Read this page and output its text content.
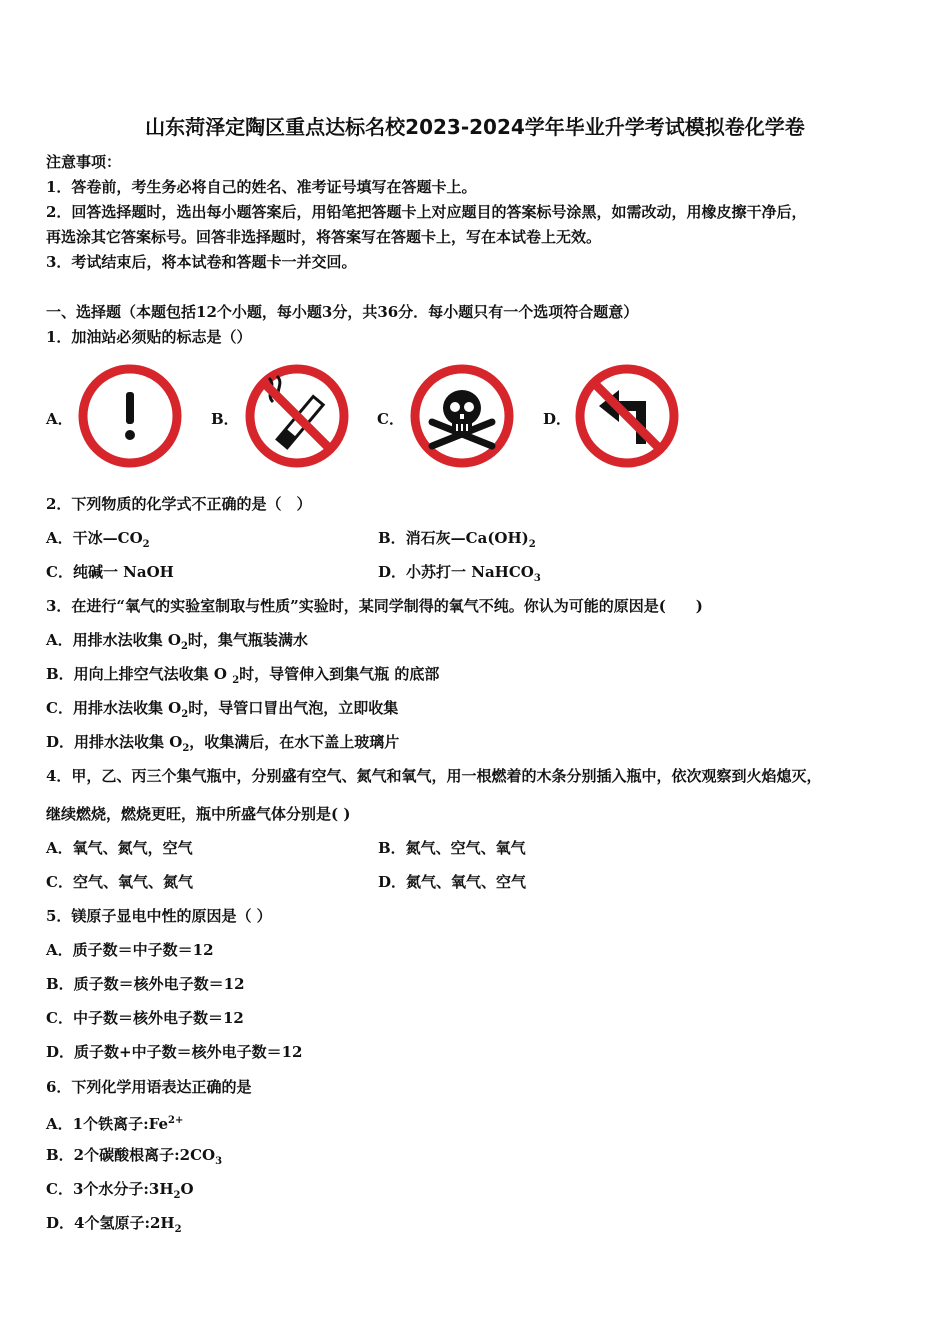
山东菏泽定陶区重点达标名校2023-2024学年毕业升学考试模拟卷化学卷
注意事项：
1．答卷前，考生务必将自己的姓名、准考证号填写在答题卡上。
2．回答选择题时，选出每小题答案后，用铅笔把答题卡上对应题目的答案标号涂黑，如需改动，用橡皮擦干净后，
再选涂其它答案标号。回答非选择题时，将答案写在答题卡上，写在本试卷上无效。
3．考试结束后，将本试卷和答题卡一并交回。
一、选择题（本题包括12个小题，每小题3分，共36分．每小题只有一个选项符合题意）
1．加油站必须贴的标志是（）
A．	B．	C．	D．
2．下列物质的化学式不正确的是（　）
A．干冰$—CO_2$	B．消石灰$—Ca(OH)_2$
C．纯碱一 NaOH	D．小苏打一 NaHCO$_3$
3．在进行“氧气的实验室制取与性质”实验时，某同学制得的氧气不纯。你认为可能的原因是(　　)
A．用排水法收集 $O_2$时，集气瓶装满水
B．用向上排空气法收集 O $_2$时，导管伸入到集气瓶 的底部
C．用排水法收集 $O_2$时，导管口冒出气泡，立即收集
D．用排水法收集 $O_2$，收集满后，在水下盖上玻璃片
4．甲，乙、丙三个集气瓶中，分别盛有空气、氮气和氧气，用一根燃着的木条分别插入瓶中，依次观察到火焰熄灭，
继续燃烧，燃烧更旺，瓶中所盛气体分别是( )
A．氧气、氮气，空气	B．氮气、空气、氧气
C．空气、氧气、氮气	D．氮气、氧气、空气
5．镁原子显电中性的原因是（ ）
A．质子数＝中子数＝12
B．质子数＝核外电子数＝12
C．中子数＝核外电子数＝12
D．质子数+中子数＝核外电子数＝12
6．下列化学用语表达正确的是
A．1个铁离子$:Fe^{2+}$
B．2个碳酸根离子$:2CO_3$
C．3个水分子$:3H_2O$
D．4个氢原子$:2H_2$
